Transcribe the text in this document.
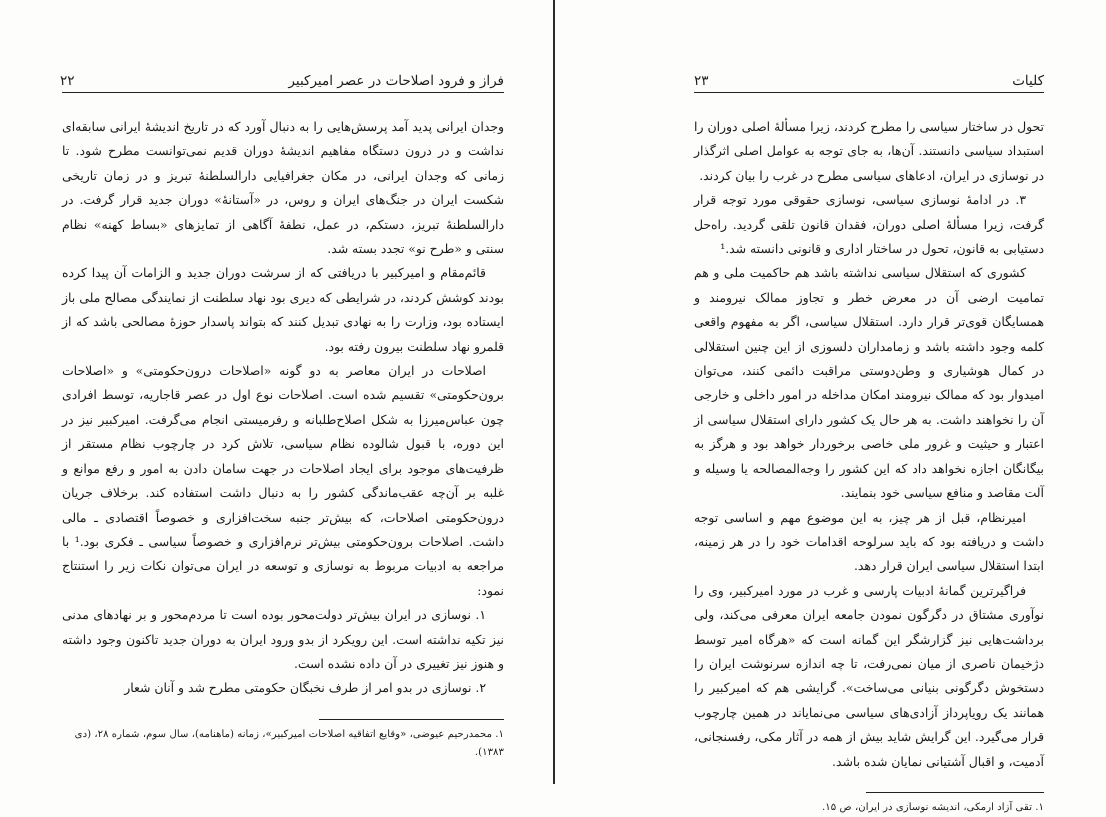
فراز و فرود اصلاحات در عصر امیرکبیر
۲۲

وجدان ایرانی پدید آمد پرسش‌هایی را به دنبال آورد که در تاریخ اندیشهٔ ایرانی سابقه‌ای نداشت و در درون دستگاه مفاهیم اندیشهٔ دوران قدیم نمی‌توانست مطرح شود. تا زمانی که وجدان ایرانی، در مکان جغرافیایی دارالسلطنهٔ تبریز و در زمان تاریخی شکست ایران در جنگ‌های ایران و روس، در «آستانهٔ» دوران جدید قرار گرفت. در دارالسلطنهٔ تبریز، دستکم، در عمل، نطفهٔ آگاهی از تمایزهای «بساط کهنه» نظام سنتی و «طرح نو» تجدد بسته شد.

قائم‌مقام و امیرکبیر با دریافتی که از سرشت دوران جدید و الزامات آن پیدا کرده بودند کوشش کردند، در شرایطی که دیری بود نهاد سلطنت از نمایندگی مصالح ملی باز ایستاده بود، وزارت را به نهادی تبدیل کنند که بتواند پاسدار حوزهٔ مصالحی باشد که از قلمرو نهاد سلطنت بیرون رفته بود.

اصلاحات در ایران معاصر به دو گونه «اصلاحات درون‌حکومتی» و «اصلاحات برون‌حکومتی» تقسیم شده است. اصلاحات نوع اول در عصر قاجاریه، توسط افرادی چون عباس‌میرزا به شکل اصلاح‌طلبانه و رفرمیستی انجام می‌گرفت. امیرکبیر نیز در این دوره، با قبول شالوده نظام سیاسی، تلاش کرد در چارچوب نظام مستقر از ظرفیت‌های موجود برای ایجاد اصلاحات در جهت سامان دادن به امور و رفع موانع و غلبه بر آن‌چه عقب‌ماندگی کشور را به دنبال داشت استفاده کند. برخلاف جریان درون‌حکومتی اصلاحات، که بیش‌تر جنبه سخت‌افزاری و خصوصاً اقتصادی ـ مالی داشت. اصلاحات برون‌حکومتی بیش‌تر نرم‌افزاری و خصوصاً سیاسی ـ فکری بود.¹ با مراجعه به ادبیات مربوط به نوسازی و توسعه در ایران می‌توان نکات زیر را استنتاج نمود:

۱. نوسازی در ایران بیش‌تر دولت‌محور بوده است تا مردم‌محور و بر نهادهای مدنی نیز تکیه نداشته است. این رویکرد از بدو ورود ایران به دوران جدید تاکنون وجود داشته و هنوز نیز تغییری در آن داده نشده است.

۲. نوسازی در بدو امر از طرف نخبگان حکومتی مطرح شد و آنان شعار

۱. محمدرحیم عیوضی، «وقایع اتفاقیه اصلاحات امیرکبیر»، زمانه (ماهنامه)، سال سوم، شماره ۲۸، (دی ۱۳۸۳).

کلیات
۲۳

تحول در ساختار سیاسی را مطرح کردند، زیرا مسألهٔ اصلی دوران را استبداد سیاسی دانستند. آن‌ها، به جای توجه به عوامل اصلی اثرگذار در نوسازی در ایران، ادعاهای سیاسی مطرح در غرب را بیان کردند.

۳. در ادامهٔ نوسازی سیاسی، نوسازی حقوقی مورد توجه قرار گرفت، زیرا مسألهٔ اصلی دوران، فقدان قانون تلقی گردید. راه‌حل دستیابی به قانون، تحول در ساختار اداری و قانونی دانسته شد.¹

کشوری که استقلال سیاسی نداشته باشد هم حاکمیت ملی و هم تمامیت ارضی آن در معرض خطر و تجاوز ممالک نیرومند و همسایگان قوی‌تر قرار دارد. استقلال سیاسی، اگر به مفهوم واقعی کلمه وجود داشته باشد و زمامداران دلسوزی از این چنین استقلالی در کمال هوشیاری و وطن‌دوستی مراقبت دائمی کنند، می‌توان امیدوار بود که ممالک نیرومند امکان مداخله در امور داخلی و خارجی آن را نخواهند داشت. به هر حال یک کشور دارای استقلال سیاسی از اعتبار و حیثیت و غرور ملی خاصی برخوردار خواهد بود و هرگز به بیگانگان اجازه نخواهد داد که این کشور را وجه‌المصالحه یا وسیله و آلت مقاصد و منافع سیاسی خود بنمایند.

امیرنظام، قبل از هر چیز، به این موضوع مهم و اساسی توجه داشت و دریافته بود که باید سرلوحه اقدامات خود را در هر زمینه، ابتدا استقلال سیاسی ایران قرار دهد.

فراگیرترین گمانهٔ ادبیات پارسی و غرب در مورد امیرکبیر، وی را نوآوری مشتاق در دگرگون نمودن جامعه ایران معرفی می‌کند، ولی برداشت‌هایی نیز گزارشگر این گمانه است که «هرگاه امیر توسط دژخیمان ناصری از میان نمی‌رفت، تا چه اندازه سرنوشت ایران را دستخوش دگرگونی بنیانی می‌ساخت». گرایشی هم که امیرکبیر را همانند یک رویاپرداز آزادی‌های سیاسی می‌نمایاند در همین چارچوب قرار می‌گیرد. این گرایش شاید بیش از همه در آثار مکی، رفسنجانی، آدمیت، و اقبال آشتیانی نمایان شده باشد.

۱. تقی آزاد ارمکی، اندیشه نوسازی در ایران، ص ۱۵.
